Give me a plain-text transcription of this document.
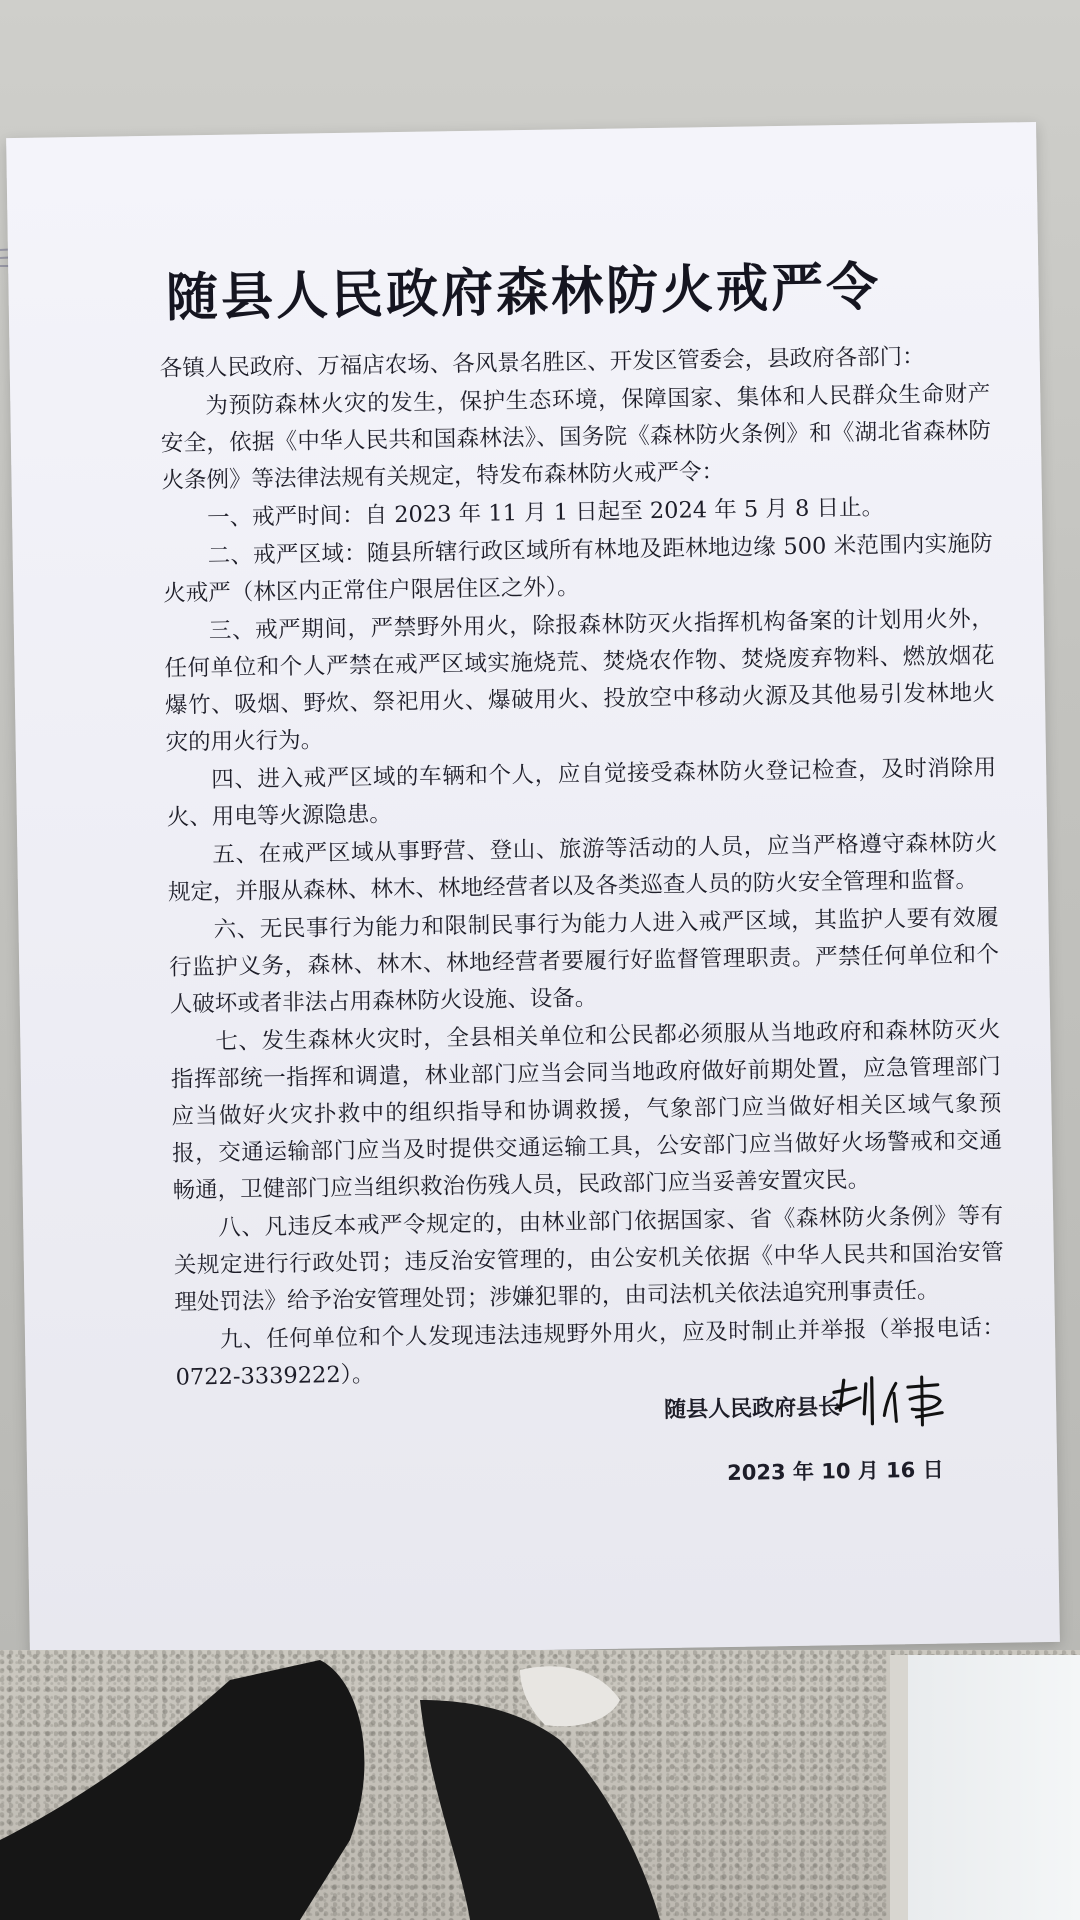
随县人民政府森林防火戒严令

各镇人民政府、万福店农场、各风景名胜区、开发区管委会，县政府各部门：

为预防森林火灾的发生，保护生态环境，保障国家、集体和人民群众生命财产安全，依据《中华人民共和国森林法》、国务院《森林防火条例》和《湖北省森林防火条例》等法律法规有关规定，特发布森林防火戒严令：

一、戒严时间：自 2023 年 11 月 1 日起至 2024 年 5 月 8 日止。

二、戒严区域：随县所辖行政区域所有林地及距林地边缘 500 米范围内实施防火戒严（林区内正常住户限居住区之外）。

三、戒严期间，严禁野外用火，除报森林防灭火指挥机构备案的计划用火外，任何单位和个人严禁在戒严区域实施烧荒、焚烧农作物、焚烧废弃物料、燃放烟花爆竹、吸烟、野炊、祭祀用火、爆破用火、投放空中移动火源及其他易引发林地火灾的用火行为。

四、进入戒严区域的车辆和个人，应自觉接受森林防火登记检查，及时消除用火、用电等火源隐患。

五、在戒严区域从事野营、登山、旅游等活动的人员，应当严格遵守森林防火规定，并服从森林、林木、林地经营者以及各类巡查人员的防火安全管理和监督。

六、无民事行为能力和限制民事行为能力人进入戒严区域，其监护人要有效履行监护义务，森林、林木、林地经营者要履行好监督管理职责。严禁任何单位和个人破坏或者非法占用森林防火设施、设备。

七、发生森林火灾时，全县相关单位和公民都必须服从当地政府和森林防灭火指挥部统一指挥和调遣，林业部门应当会同当地政府做好前期处置，应急管理部门应当做好火灾扑救中的组织指导和协调救援，气象部门应当做好相关区域气象预报，交通运输部门应当及时提供交通运输工具，公安部门应当做好火场警戒和交通畅通，卫健部门应当组织救治伤残人员，民政部门应当妥善安置灾民。

八、凡违反本戒严令规定的，由林业部门依据国家、省《森林防火条例》等有关规定进行行政处罚；违反治安管理的，由公安机关依据《中华人民共和国治安管理处罚法》给予治安管理处罚；涉嫌犯罪的，由司法机关依法追究刑事责任。

九、任何单位和个人发现违法违规野外用火，应及时制止并举报（举报电话：0722-3339222）。

随县人民政府县长
2023 年 10 月 16 日
